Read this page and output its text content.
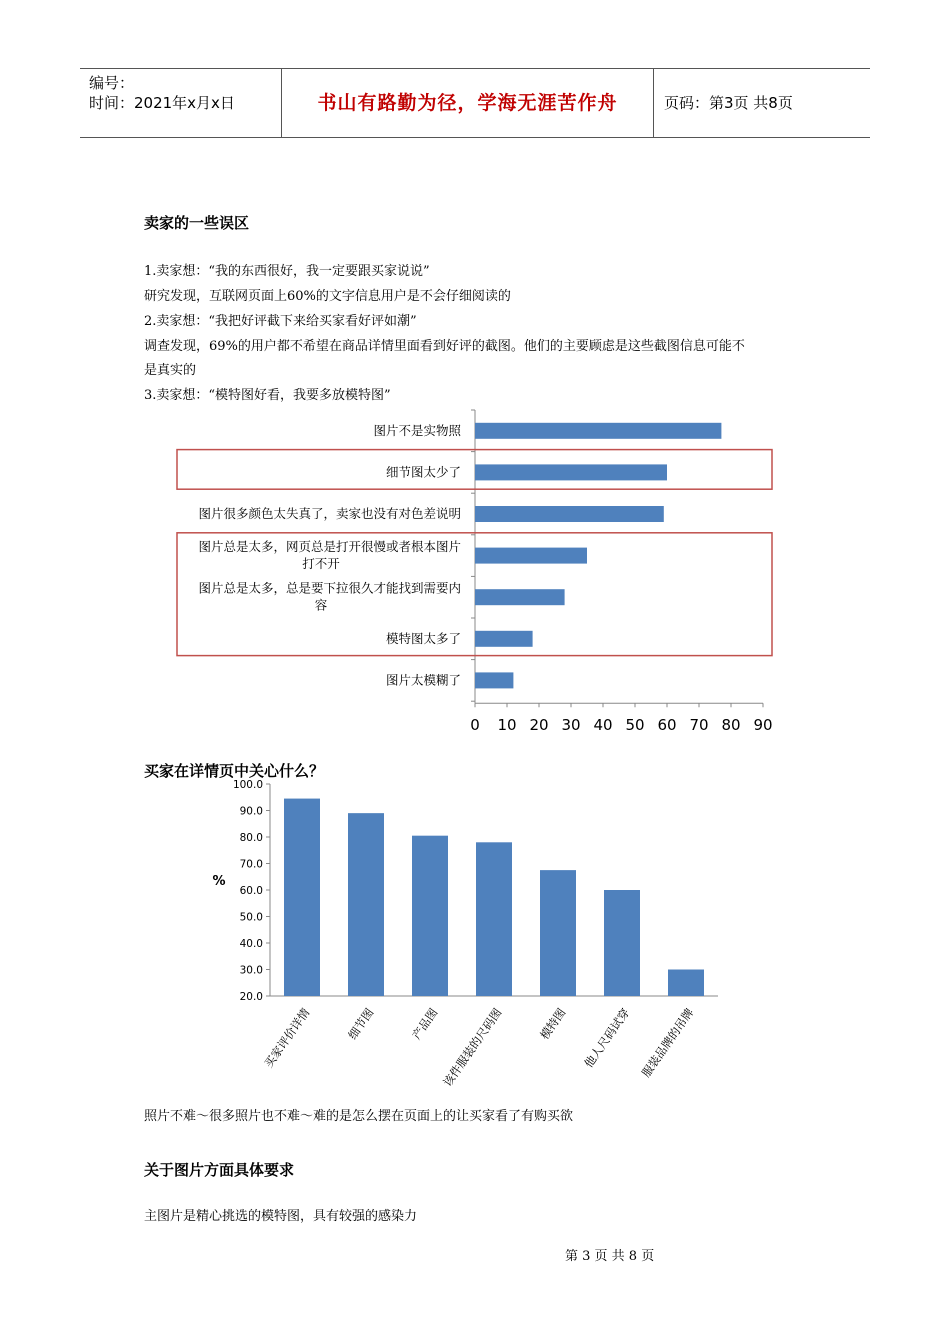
编号：
时间：2021年x月x日	书山有路勤为径，学海无涯苦作舟	页码：第3页 共8页
卖家的一些误区
1.卖家想：“我的东西很好，我一定要跟买家说说”
研究发现，互联网页面上60%的文字信息用户是不会仔细阅读的
2.卖家想：“我把好评截下来给买家看好评如潮”
调查发现，69%的用户都不希望在商品详情里面看到好评的截图。他们的主要顾虑是这些截图信息可能不
是真实的
3.卖家想：“模特图好看，我要多放模特图”
0 10 20 30 40 50 60 70 80 90
图片不是实物照
细节图太少了
图片很多颜色太失真了，卖家也没有对色差说明
图片总是太多，网页总是打开很慢或者根本图片
打不开
图片总是太多，总是要下拉很久才能找到需要内
容
模特图太多了
图片太模糊了
买家在详情页中关心什么？
100.0
90.0
80.0
70.0
60.0
50.0
40.0
30.0
20.0
%
买家评价详情	细节图	产品图 该件服装的尺码图	模特图 他人尺码试穿 服装品牌的吊牌
照片不难～很多照片也不难～难的是怎么摆在页面上的让买家看了有购买欲
关于图片方面具体要求
主图片是精心挑选的模特图，具有较强的感染力
第 3 页 共 8 页
